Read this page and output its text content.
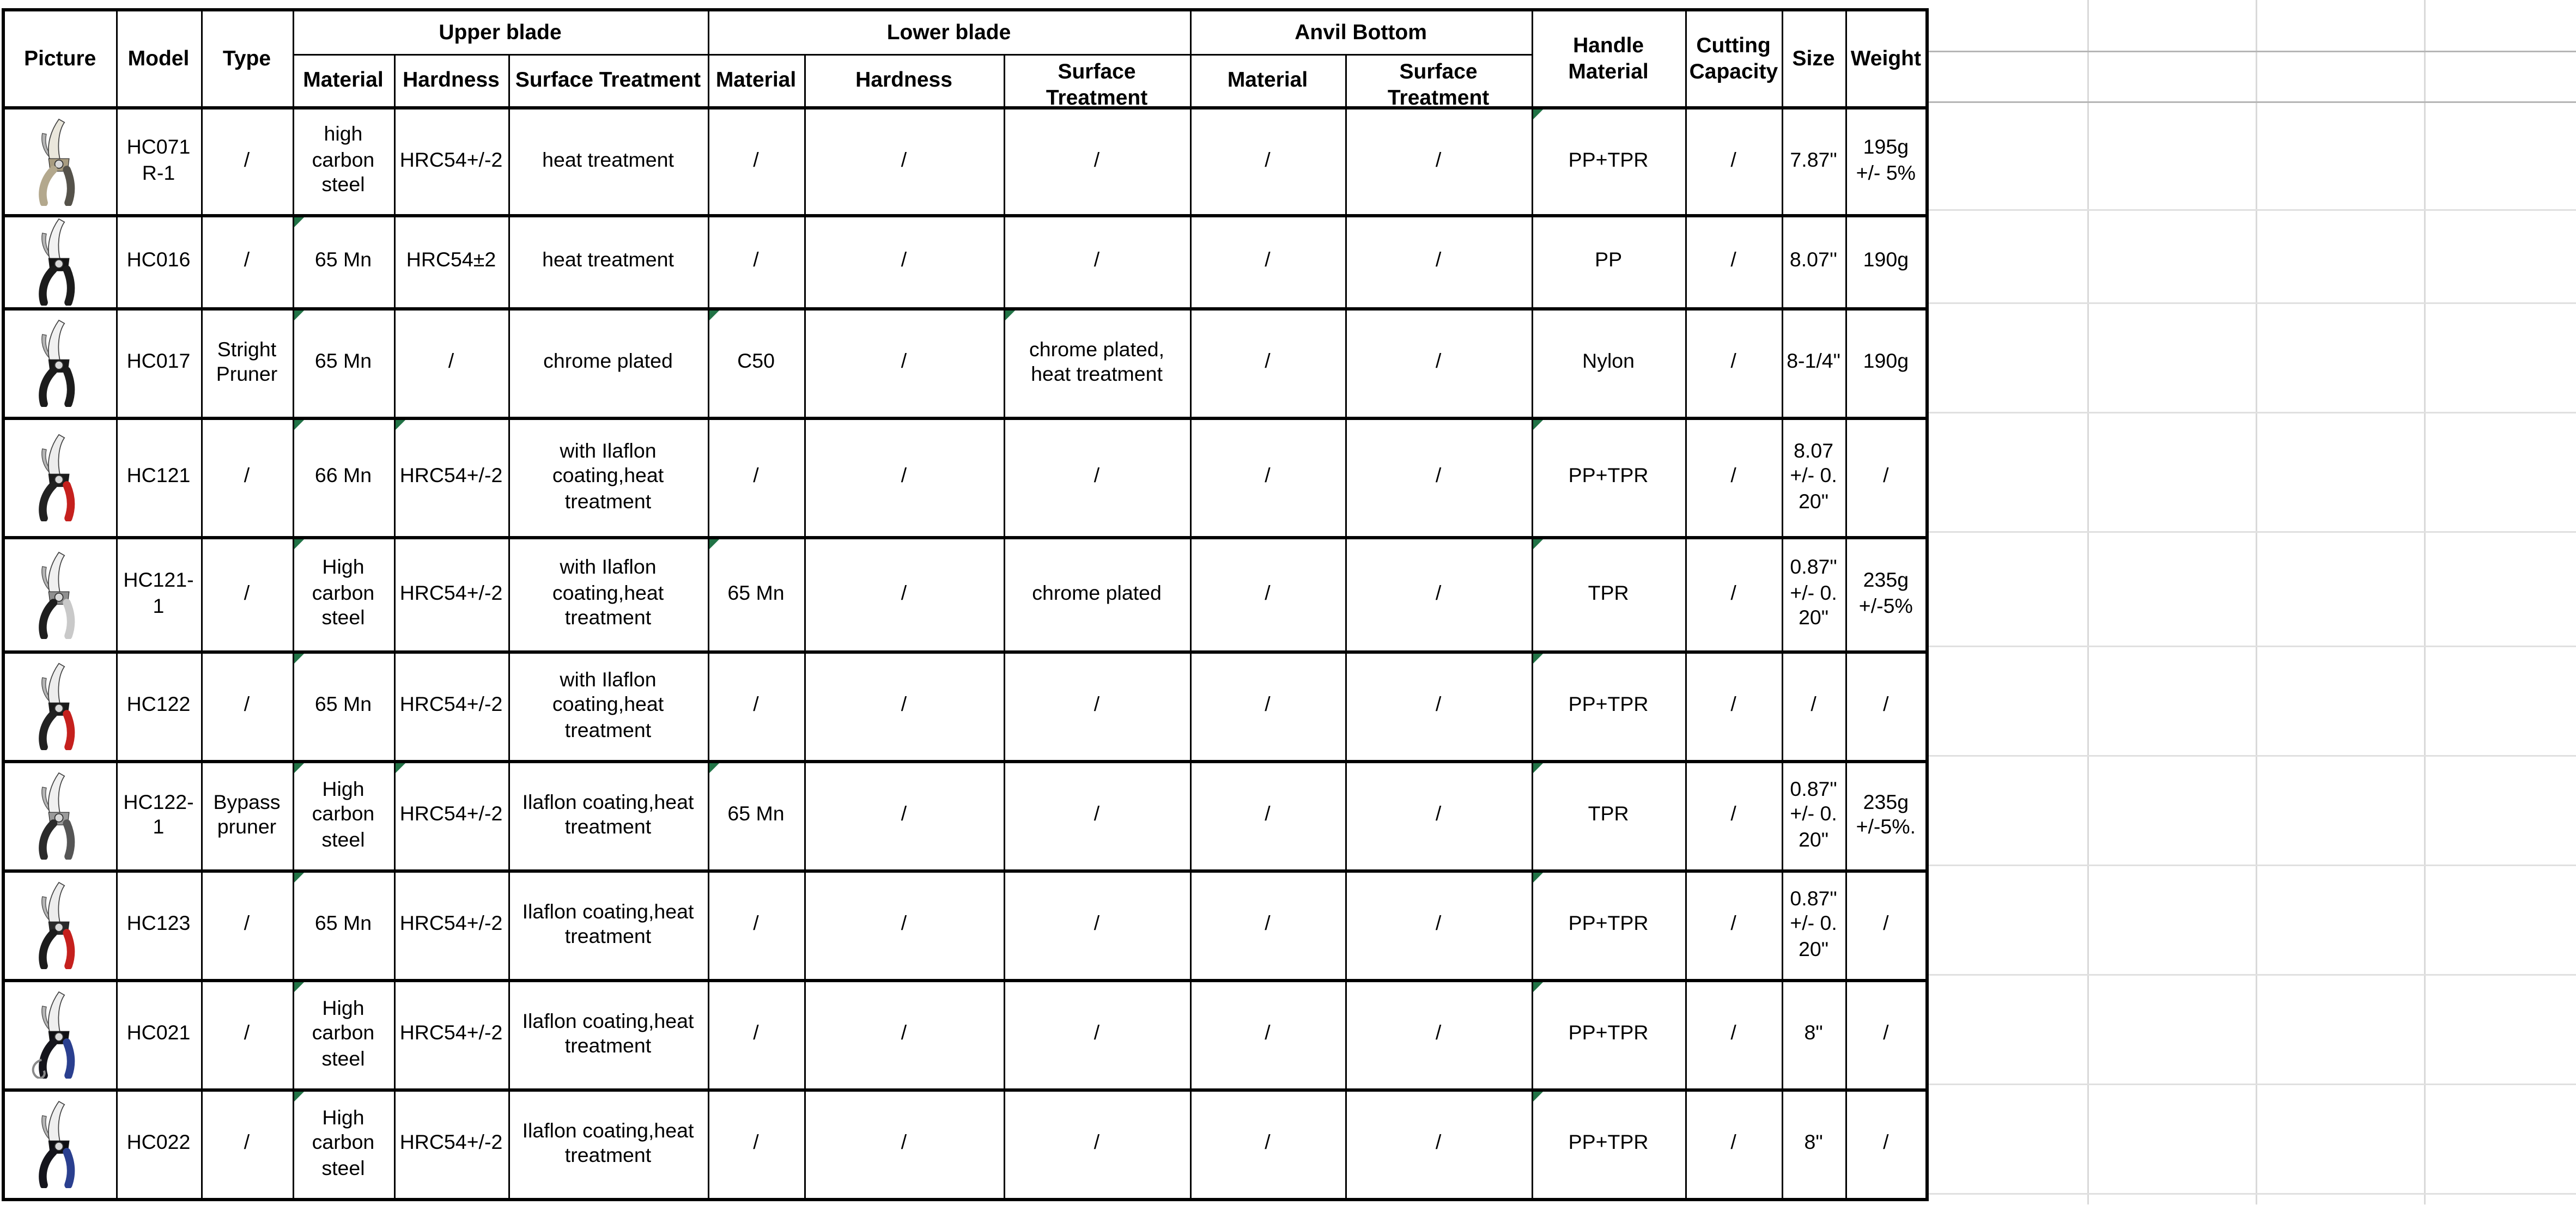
Picture	Model	Type	Upper blade			Lower blade			Anvil Bottom		Handle Material	Cutting Capacity	Size	Weight
			Material	Hardness	Surface Treatment	Material	Hardness	Surface Treatment	Material	Surface Treatment				

	HC071 R-1	/	high carbon steel	HRC54+/-2	heat treatment	/	/	/	/	/	PP+TPR	/	7.87"	195g+/- 5%

	HC016	/	65 Mn	HRC54±2	heat treatment	/	/	/	/	/	PP	/	8.07''	190g

	HC017	Stright Pruner	65 Mn	/	chrome plated	C50	/	chrome plated, heat treatment	/	/	Nylon	/	8-1/4"	190g

	HC121	/	66 Mn	HRC54+/-2	with Ilaflon coating,heat treatment	/	/	/	/	/	PP+TPR	/	8.07 +/- 0.20"	/

	HC121-1	/	High carbon steel	HRC54+/-2	with Ilaflon coating,heat treatment	65 Mn	/	chrome plated	/	/	TPR	/	0.87" +/- 0.20"	235g+/-5%

	HC122	/	65 Mn	HRC54+/-2	with Ilaflon coating,heat treatment	/	/	/	/	/	PP+TPR	/	/	/

	HC122-1	Bypass pruner	High carbon steel	HRC54+/-2	Ilaflon coating,heat treatment	65 Mn	/	/	/	/	TPR	/	0.87" +/- 0.20"	235g+/-5%.

	HC123	/	65 Mn	HRC54+/-2	Ilaflon coating,heat treatment	/	/	/	/	/	PP+TPR	/	0.87" +/- 0.20"	/

	HC021	/	High carbon steel	HRC54+/-2	Ilaflon coating,heat treatment	/	/	/	/	/	PP+TPR	/	8"	/

	HC022	/	High carbon steel	HRC54+/-2	Ilaflon coating,heat treatment	/	/	/	/	/	PP+TPR	/	8"	/
